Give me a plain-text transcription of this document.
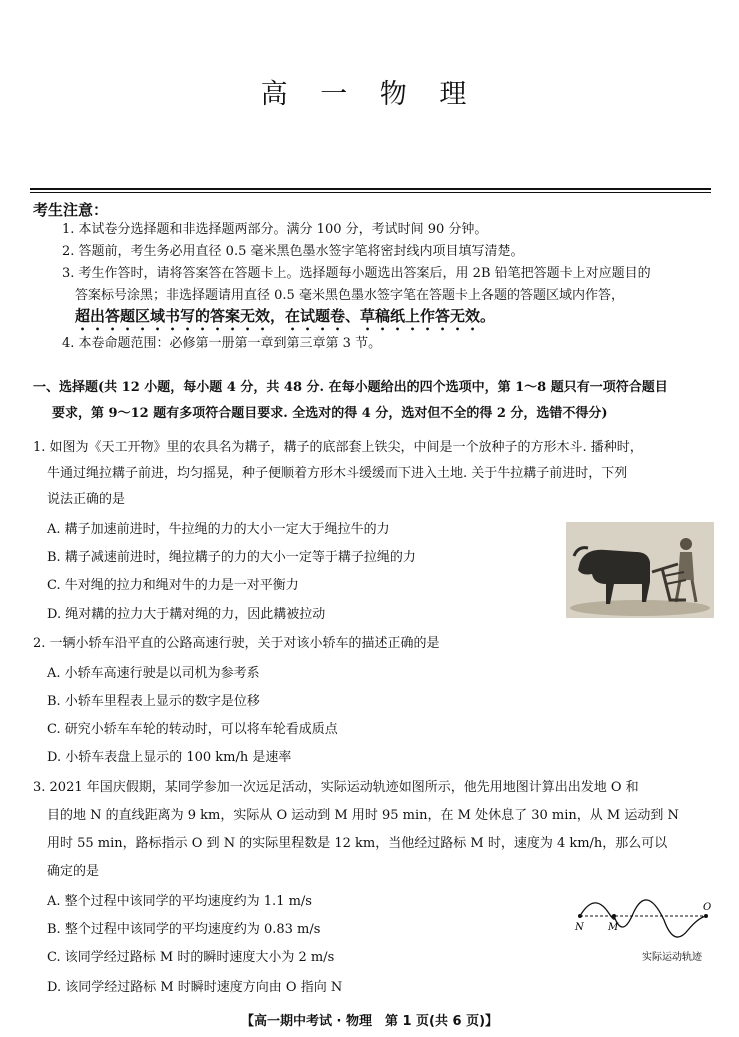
高 一 物 理
考生注意：
1. 本试卷分选择题和非选择题两部分。满分 100 分，考试时间 90 分钟。
2. 答题前，考生务必用直径 0.5 毫米黑色墨水签字笔将密封线内项目填写清楚。
3. 考生作答时，请将答案答在答题卡上。选择题每小题选出答案后，用 2B 铅笔把答题卡上对应题目的
答案标号涂黑；非选择题请用直径 0.5 毫米黑色墨水签字笔在答题卡上各题的答题区域内作答，
超出答题区域书写的答案无效，在试题卷、草稿纸上作答无效。
4. 本卷命题范围：必修第一册第一章到第三章第 3 节。
一、选择题(共 12 小题，每小题 4 分，共 48 分. 在每小题给出的四个选项中，第 1～8 题只有一项符合题目
要求，第 9～12 题有多项符合题目要求. 全选对的得 4 分，选对但不全的得 2 分，选错不得分)
1. 如图为《天工开物》里的农具名为耩子，耩子的底部套上铁尖，中间是一个放种子的方形木斗. 播种时，
牛通过绳拉耩子前进，均匀摇晃，种子便顺着方形木斗缓缓而下进入土地. 关于牛拉耩子前进时，下列
说法正确的是
A. 耩子加速前进时，牛拉绳的力的大小一定大于绳拉牛的力
B. 耩子减速前进时，绳拉耩子的力的大小一定等于耩子拉绳的力
C. 牛对绳的拉力和绳对牛的力是一对平衡力
D. 绳对耩的拉力大于耩对绳的力，因此耩被拉动
2. 一辆小轿车沿平直的公路高速行驶，关于对该小轿车的描述正确的是
A. 小轿车高速行驶是以司机为参考系
B. 小轿车里程表上显示的数字是位移
C. 研究小轿车车轮的转动时，可以将车轮看成质点
D. 小轿车表盘上显示的 100 km/h 是速率
3. 2021 年国庆假期，某同学参加一次远足活动，实际运动轨迹如图所示，他先用地图计算出出发地 O 和
目的地 N 的直线距离为 9 km，实际从 O 运动到 M 用时 95 min，在 M 处休息了 30 min，从 M 运动到 N
用时 55 min，路标指示 O 到 N 的实际里程数是 12 km，当他经过路标 M 时，速度为 4 km/h，那么可以
确定的是
A. 整个过程中该同学的平均速度约为 1.1 m/s
B. 整个过程中该同学的平均速度约为 0.83 m/s
C. 该同学经过路标 M 时的瞬时速度大小为 2 m/s
D. 该同学经过路标 M 时瞬时速度方向由 O 指向 N
N M
O
实际运动轨迹
【高一期中考试 · 物理　第 1 页(共 6 页)】
